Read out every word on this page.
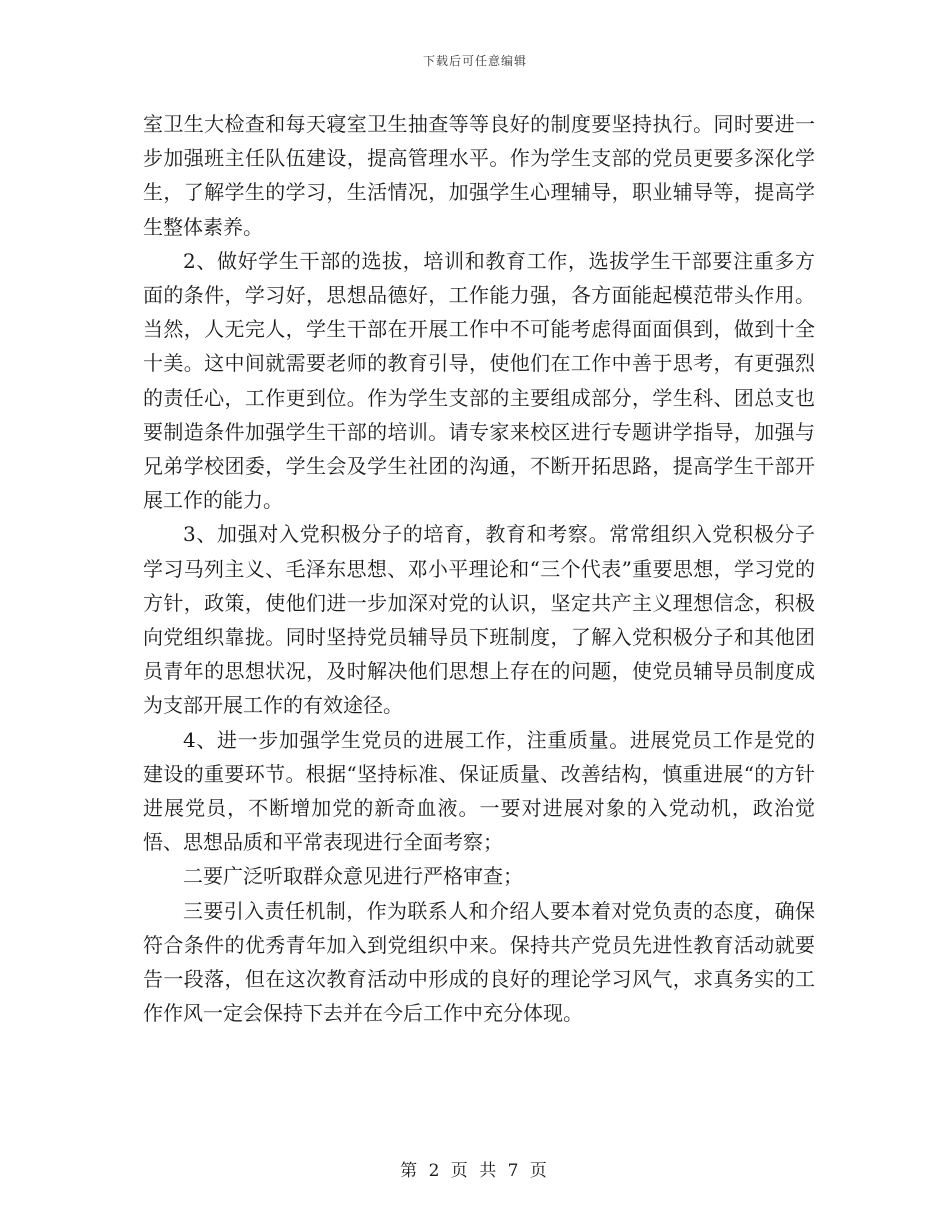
下载后可任意编辑

室卫生大检查和每天寝室卫生抽查等等良好的制度要坚持执行。同时要进一步加强班主任队伍建设，提高管理水平。作为学生支部的党员更要多深化学生，了解学生的学习，生活情况，加强学生心理辅导，职业辅导等，提高学生整体素养。

2、做好学生干部的选拔，培训和教育工作，选拔学生干部要注重多方面的条件，学习好，思想品德好，工作能力强，各方面能起模范带头作用。当然，人无完人，学生干部在开展工作中不可能考虑得面面俱到，做到十全十美。这中间就需要老师的教育引导，使他们在工作中善于思考，有更强烈的责任心，工作更到位。作为学生支部的主要组成部分，学生科、团总支也要制造条件加强学生干部的培训。请专家来校区进行专题讲学指导，加强与兄弟学校团委，学生会及学生社团的沟通，不断开拓思路，提高学生干部开展工作的能力。

3、加强对入党积极分子的培育，教育和考察。常常组织入党积极分子学习马列主义、毛泽东思想、邓小平理论和“三个代表”重要思想，学习党的方针，政策，使他们进一步加深对党的认识，坚定共产主义理想信念，积极向党组织靠拢。同时坚持党员辅导员下班制度，了解入党积极分子和其他团员青年的思想状况，及时解决他们思想上存在的问题，使党员辅导员制度成为支部开展工作的有效途径。

4、进一步加强学生党员的进展工作，注重质量。进展党员工作是党的建设的重要环节。根据“坚持标准、保证质量、改善结构，慎重进展“的方针进展党员，不断增加党的新奇血液。一要对进展对象的入党动机，政治觉悟、思想品质和平常表现进行全面考察；

二要广泛听取群众意见进行严格审查；

三要引入责任机制，作为联系人和介绍人要本着对党负责的态度，确保符合条件的优秀青年加入到党组织中来。保持共产党员先进性教育活动就要告一段落，但在这次教育活动中形成的良好的理论学习风气，求真务实的工作作风一定会保持下去并在今后工作中充分体现。

第 2 页 共 7 页
